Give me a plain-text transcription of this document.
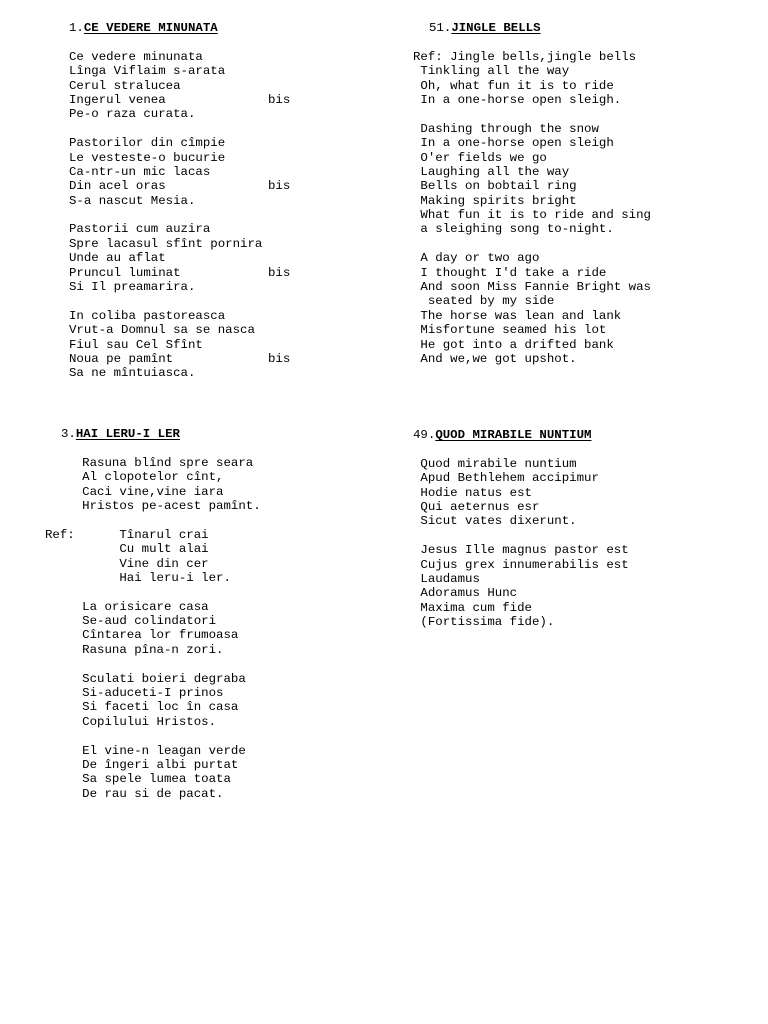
1.CE VEDERE MINUNATA
Ce vedere minunata
Lînga Viflaim s-arata
Cerul stralucea
Ingerul venea	bis
Pe-o raza curata.
Pastorilor din cîmpie
Le vesteste-o bucurie
Ca-ntr-un mic lacas
Din acel oras	bis
S-a nascut Mesia.
Pastorii cum auzira
Spre lacasul sfînt pornira
Unde au aflat
Pruncul luminat	bis
Si Il preamarira.
In coliba pastoreasca
Vrut-a Domnul sa se nasca
Fiul sau Cel Sfînt
Noua pe pamînt	bis
Sa ne mîntuiasca.
51.JINGLE BELLS
Ref: Jingle bells,jingle bells
Tinkling all the way
Oh, what fun it is to ride
In a one-horse open sleigh.
Dashing through the snow
In a one-horse open sleigh
O'er fields we go
Laughing all the way
Bells on bobtail ring
Making spirits bright
What fun it is to ride and sing
a sleighing song to-night.
A day or two ago
I thought I'd take a ride
And soon Miss Fannie Bright was
seated by my side
The horse was lean and lank
Misfortune seamed his lot
He got into a drifted bank
And we,we got upshot.
3.HAI LERU-I LER
Rasuna blînd spre seara
Al clopotelor cînt,
Caci vine,vine iara
Hristos pe-acest pamînt.
Ref:      Tînarul crai
Cu mult alai
Vine din cer
Hai leru-i ler.
La orisicare casa
Se-aud colindatori
Cîntarea lor frumoasa
Rasuna pîna-n zori.
Sculati boieri degraba
Si-aduceti-I prinos
Si faceti loc în casa
Copilului Hristos.
El vine-n leagan verde
De îngeri albi purtat
Sa spele lumea toata
De rau si de pacat.
49.QUOD MIRABILE NUNTIUM
Quod mirabile nuntium
Apud Bethlehem accipimur
Hodie natus est
Qui aeternus esr
Sicut vates dixerunt.
Jesus Ille magnus pastor est
Cujus grex innumerabilis est
Laudamus
Adoramus Hunc
Maxima cum fide
(Fortissima fide).
